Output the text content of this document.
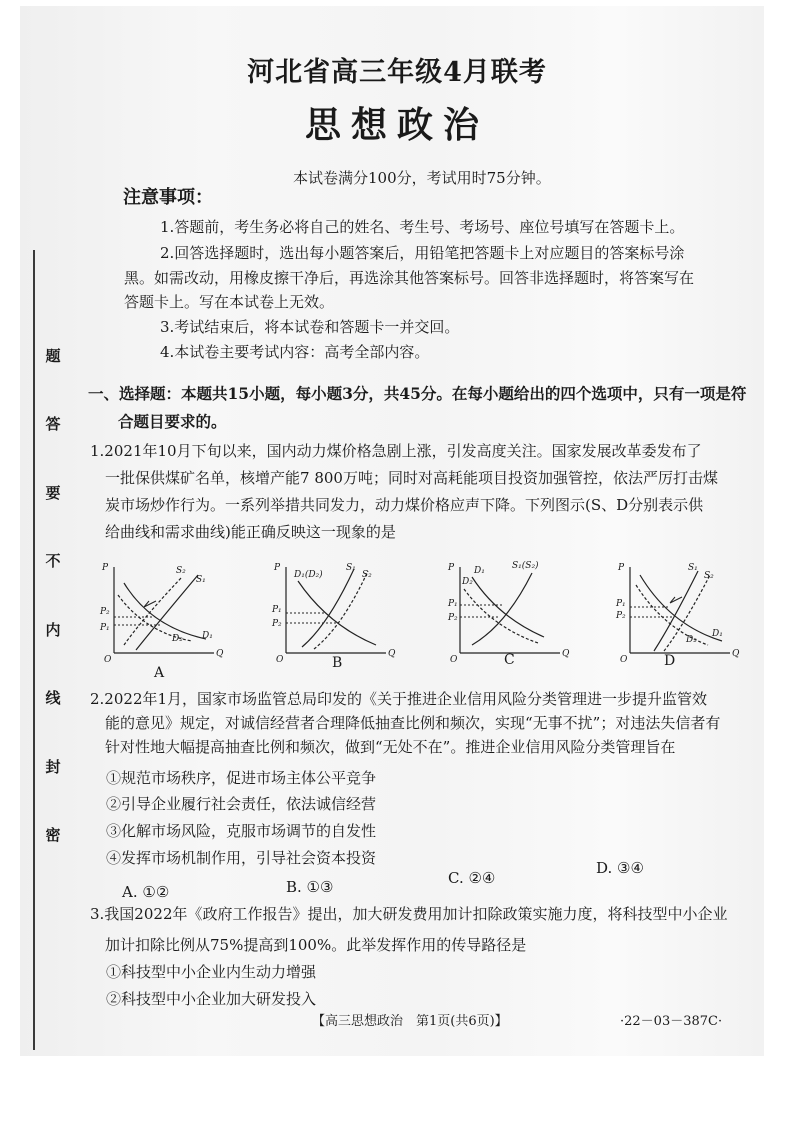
题
答
要
不
内
线
封
密
河北省高三年级4月联考
思想政治
本试卷满分100分，考试用时75分钟。
注意事项：
1.答题前，考生务必将自己的姓名、考生号、考场号、座位号填写在答题卡上。
2.回答选择题时，选出每小题答案后，用铅笔把答题卡上对应题目的答案标号涂
黑。如需改动，用橡皮擦干净后，再选涂其他答案标号。回答非选择题时，将答案写在
答题卡上。写在本试卷上无效。
3.考试结束后，将本试卷和答题卡一并交回。
4.本试卷主要考试内容：高考全部内容。
一、选择题：本题共15小题，每小题3分，共45分。在每小题给出的四个选项中，只有一项是符
合题目要求的。
1.2021年10月下旬以来，国内动力煤价格急剧上涨，引发高度关注。国家发展改革委发布了
一批保供煤矿名单，核增产能7 800万吨；同时对高耗能项目投资加强管控，依法严厉打击煤
炭市场炒作行为。一系列举措共同发力，动力煤价格应声下降。下列图示(S、D分别表示供
给曲线和需求曲线)能正确反映这一现象的是
P
Q
O
S₂
S₁
D₂ D₁
P₂
P₁
A
P
Q
O
D₁(D₂)
S₁
S₂
P₁
P₂
B
P
Q
O
D₁
D₂
S₁(S₂)
P₁
P₂
C
P
Q
O
S₁
S₂
P₁
P₂
D₂
D₁
D
2.2022年1月，国家市场监管总局印发的《关于推进企业信用风险分类管理进一步提升监管效
能的意见》规定，对诚信经营者合理降低抽查比例和频次，实现“无事不扰”；对违法失信者有
针对性地大幅提高抽查比例和频次，做到“无处不在”。推进企业信用风险分类管理旨在
①规范市场秩序，促进市场主体公平竞争
②引导企业履行社会责任，依法诚信经营
③化解市场风险，克服市场调节的自发性
④发挥市场机制作用，引导社会资本投资
A. ①②	B. ①③	C. ②④
D. ③④
3.我国2022年《政府工作报告》提出，加大研发费用加计扣除政策实施力度，将科技型中小企业
加计扣除比例从75%提高到100%。此举发挥作用的传导路径是
①科技型中小企业内生动力增强
②科技型中小企业加大研发投入
【高三思想政治　第1页(共6页)】	·22－03－387C·
